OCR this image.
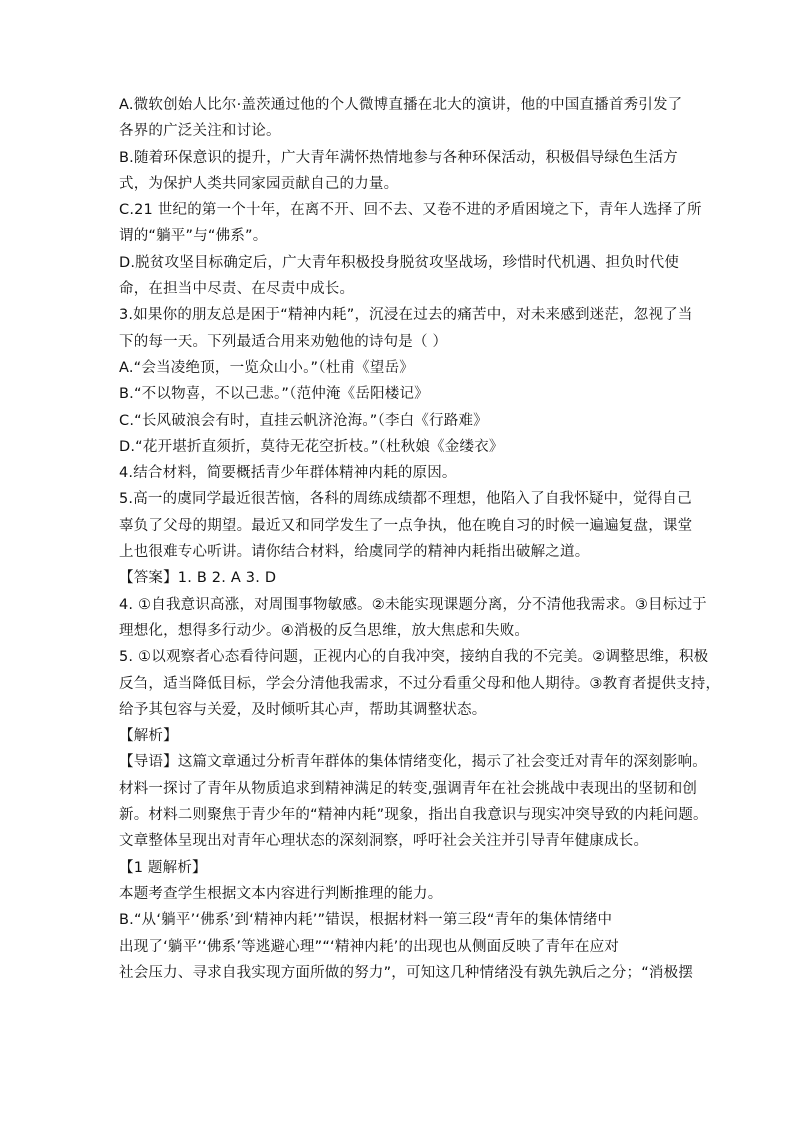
A.微软创始人比尔·盖茨通过他的个人微博直播在北大的演讲，他的中国直播首秀引发了
各界的广泛关注和讨论。
B.随着环保意识的提升，广大青年满怀热情地参与各种环保活动，积极倡导绿色生活方
式，为保护人类共同家园贡献自己的力量。
C.21 世纪的第一个十年，在离不开、回不去、又卷不进的矛盾困境之下，青年人选择了所
谓的“躺平”与“佛系”。
D.脱贫攻坚目标确定后，广大青年积极投身脱贫攻坚战场，珍惜时代机遇、担负时代使
命，在担当中尽责、在尽责中成长。
3.如果你的朋友总是困于“精神内耗”，沉浸在过去的痛苦中，对未来感到迷茫，忽视了当
下的每一天。下列最适合用来劝勉他的诗句是（ ）
A.“会当凌绝顶，一览众山小。”（杜甫《望岳》
B.“不以物喜，不以己悲。”（范仲淹《岳阳楼记》
C.“长风破浪会有时，直挂云帆济沧海。”（李白《行路难》
D.“花开堪折直须折，莫待无花空折枝。”（杜秋娘《金缕衣》
4.结合材料，简要概括青少年群体精神内耗的原因。
5.高一的虞同学最近很苦恼，各科的周练成绩都不理想，他陷入了自我怀疑中，觉得自己
辜负了父母的期望。最近又和同学发生了一点争执，他在晚自习的时候一遍遍复盘，课堂
上也很难专心听讲。请你结合材料，给虞同学的精神内耗指出破解之道。
【答案】1. B 2. A 3. D
4. ①自我意识高涨，对周围事物敏感。②未能实现课题分离，分不清他我需求。③目标过于
理想化，想得多行动少。④消极的反刍思维，放大焦虑和失败。
5. ①以观察者心态看待问题，正视内心的自我冲突，接纳自我的不完美。②调整思维，积极
反刍，适当降低目标，学会分清他我需求，不过分看重父母和他人期待。③教育者提供支持，
给予其包容与关爱，及时倾听其心声，帮助其调整状态。
【解析】
【导语】这篇文章通过分析青年群体的集体情绪变化，揭示了社会变迁对青年的深刻影响。
材料一探讨了青年从物质追求到精神满足的转变,强调青年在社会挑战中表现出的坚韧和创
新。材料二则聚焦于青少年的“精神内耗”现象，指出自我意识与现实冲突导致的内耗问题。
文章整体呈现出对青年心理状态的深刻洞察，呼吁社会关注并引导青年健康成长。
【1 题解析】
本题考查学生根据文本内容进行判断推理的能力。
B.“从‘躺平’‘佛系’到‘精神内耗’”错误，根据材料一第三段“青年的集体情绪中
出现了‘躺平’‘佛系’等逃避心理”“‘精神内耗’的出现也从侧面反映了青年在应对
社会压力、寻求自我实现方面所做的努力”，可知这几种情绪没有孰先孰后之分；“消极摆
